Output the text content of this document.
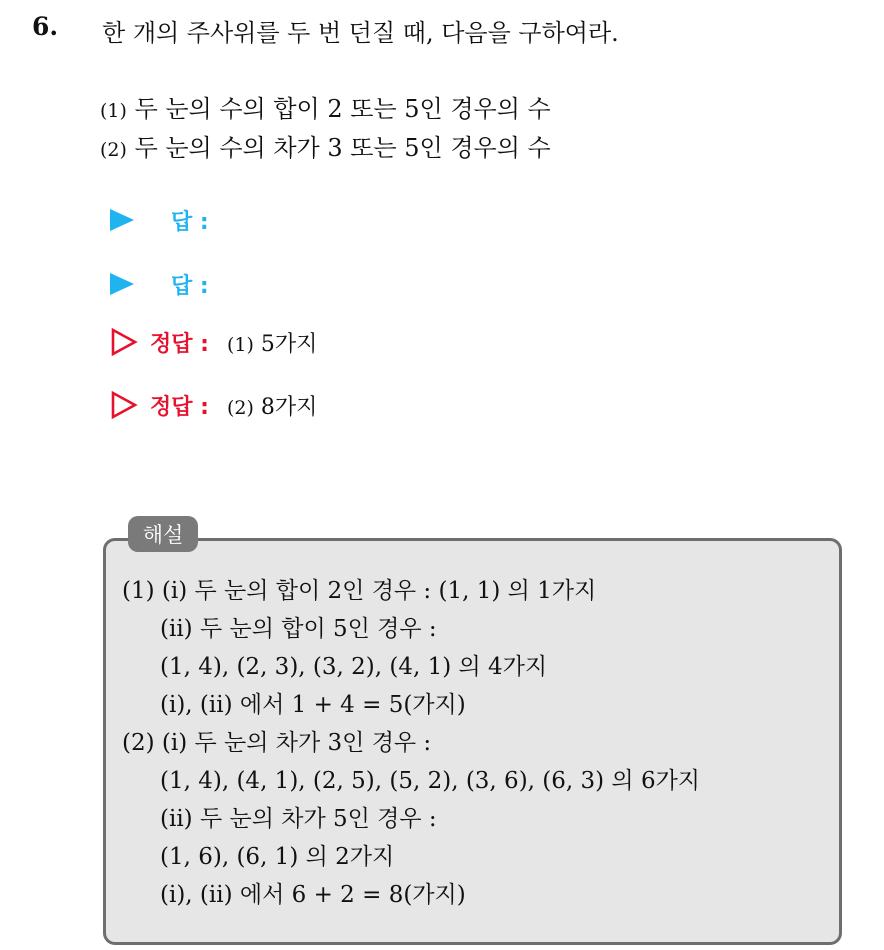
6. 한 개의 주사위를 두 번 던질 때, 다음을 구하여라.
(1) 두 눈의 수의 합이 2 또는 5인 경우의 수
(2) 두 눈의 수의 차가 3 또는 5인 경우의 수
답 :
답 :
정답 : (1) 5가지
정답 : (2) 8가지
해설
(1) (i) 두 눈의 합이 2인 경우 : (1, 1) 의 1가지
(ii) 두 눈의 합이 5인 경우 :
(1, 4), (2, 3), (3, 2), (4, 1) 의 4가지
(i), (ii) 에서 1 + 4 = 5(가지)
(2) (i) 두 눈의 차가 3인 경우 :
(1, 4), (4, 1), (2, 5), (5, 2), (3, 6), (6, 3) 의 6가지
(ii) 두 눈의 차가 5인 경우 :
(1, 6), (6, 1) 의 2가지
(i), (ii) 에서 6 + 2 = 8(가지)
